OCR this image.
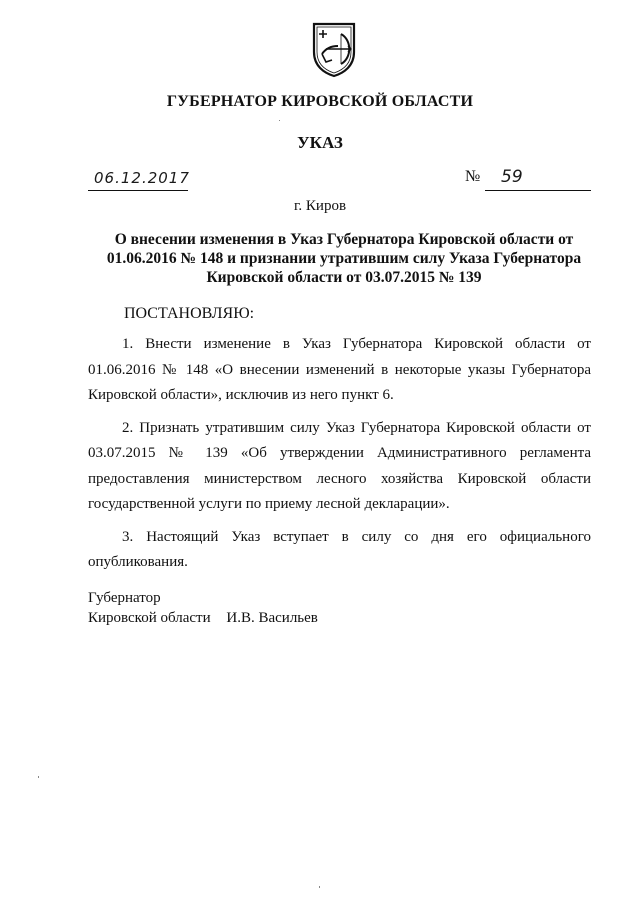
ГУБЕРНАТОР КИРОВСКОЙ ОБЛАСТИ
УКАЗ
06.12.2017	№ 59
г. Киров
О внесении изменения в Указ Губернатора Кировской области от
01.06.2016 № 148 и признании утратившим силу Указа Губернатора
Кировской области от 03.07.2015 № 139
ПОСТАНОВЛЯЮ:

1. Внести изменение в Указ Губернатора Кировской области от 01.06.2016 № 148 «О внесении изменений в некоторые указы Губернатора Кировской области», исключив из него пункт 6.

2. Признать утратившим силу Указ Губернатора Кировской области от 03.07.2015 № 139 «Об утверждении Административного регламента предоставления министерством лесного хозяйства Кировской области государственной услуги по приему лесной декларации».

3. Настоящий Указ вступает в силу со дня его официального опубликования.

Губернатор
Кировской области И.В. Васильев
